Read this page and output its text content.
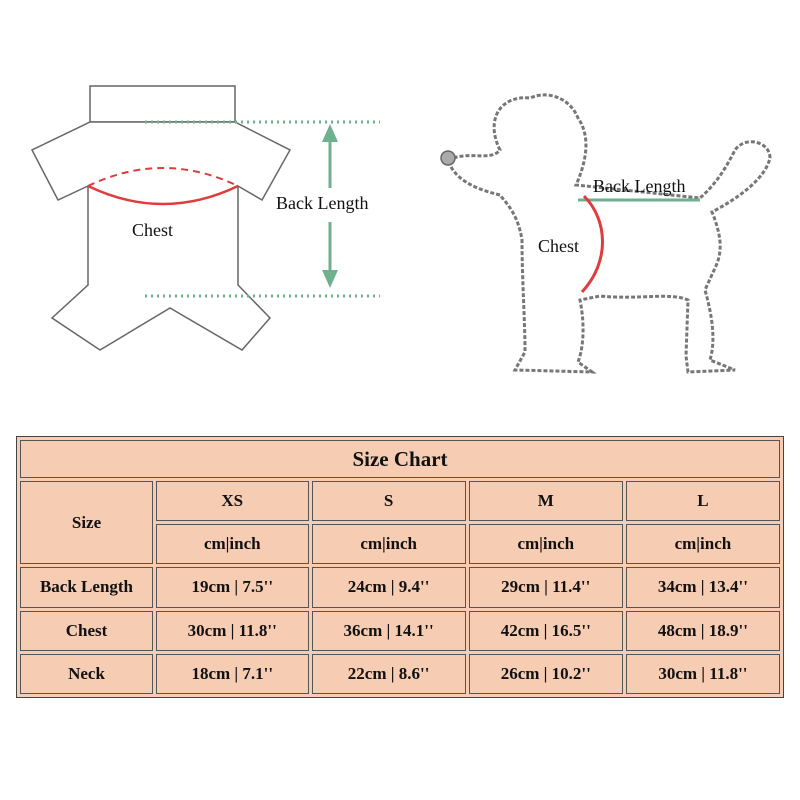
Chest
Back Length
Back Length
Chest
Size Chart				
Size	XS	S	M	L
	cm|inch	cm|inch	cm|inch	cm|inch
Back Length	19cm | 7.5''	24cm | 9.4''	29cm | 11.4''	34cm | 13.4''
Chest	30cm | 11.8''	36cm | 14.1''	42cm | 16.5''	48cm | 18.9''
Neck	18cm | 7.1''	22cm | 8.6''	26cm | 10.2''	30cm | 11.8''
